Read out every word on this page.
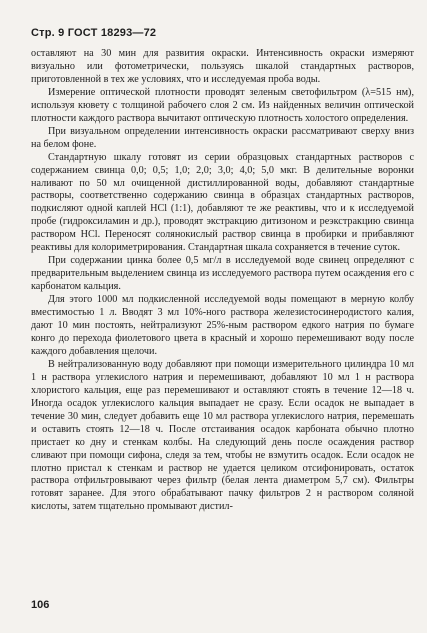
Стр. 9 ГОСТ 18293—72

оставляют на 30 мин для развития окраски. Интенсивность окраски измеряют визуально или фотометрически, пользуясь шкалой стандартных растворов, приготовленной в тех же условиях, что и исследуемая проба воды.

Измерение оптической плотности проводят зеленым светофильтром (λ=515 нм), используя кювету с толщиной рабочего слоя 2 см. Из найденных величин оптической плотности каждого раствора вычитают оптическую плотность холостого определения.

При визуальном определении интенсивность окраски рассматривают сверху вниз на белом фоне.

Стандартную шкалу готовят из серии образцовых стандартных растворов с содержанием свинца 0,0; 0,5; 1,0; 2,0; 3,0; 4,0; 5,0 мкг. В делительные воронки наливают по 50 мл очищенной дистиллированной воды, добавляют стандартные растворы, соответственно содержанию свинца в образцах стандартных растворов, подкисляют одной каплей HCl (1:1), добавляют те же реактивы, что и к исследуемой пробе (гидроксиламин и др.), проводят экстракцию дитизоном и реэкстракцию свинца раствором HCl. Переносят солянокислый раствор свинца в пробирки и прибавляют реактивы для колориметрирования. Стандартная шкала сохраняется в течение суток.

При содержании цинка более 0,5 мг/л в исследуемой воде свинец определяют с предварительным выделением свинца из исследуемого раствора путем осаждения его с карбонатом кальция.

Для этого 1000 мл подкисленной исследуемой воды помещают в мерную колбу вместимостью 1 л. Вводят 3 мл 10%-ного раствора железистосинеродистого калия, дают 10 мин постоять, нейтрализуют 25%-ным раствором едкого натрия по бумаге конго до перехода фиолетового цвета в красный и хорошо перемешивают воду после каждого добавления щелочи.

В нейтрализованную воду добавляют при помощи измерительного цилиндра 10 мл 1 н раствора углекислого натрия и перемешивают, добавляют 10 мл 1 н раствора хлористого кальция, еще раз перемешивают и оставляют стоять в течение 12—18 ч. Иногда осадок углекислого кальция выпадает не сразу. Если осадок не выпадает в течение 30 мин, следует добавить еще 10 мл раствора углекислого натрия, перемешать и оставить стоять 12—18 ч. После отстаивания осадок карбоната обычно плотно пристает ко дну и стенкам колбы. На следующий день после осаждения раствор сливают при помощи сифона, следя за тем, чтобы не взмутить осадок. Если осадок не плотно пристал к стенкам и раствор не удается целиком отсифонировать, остаток раствора отфильтровывают через фильтр (белая лента диаметром 5,7 см). Фильтры готовят заранее. Для этого обрабатывают пачку фильтров 2 н раствором соляной кислоты, затем тщательно промывают дистил-

106
